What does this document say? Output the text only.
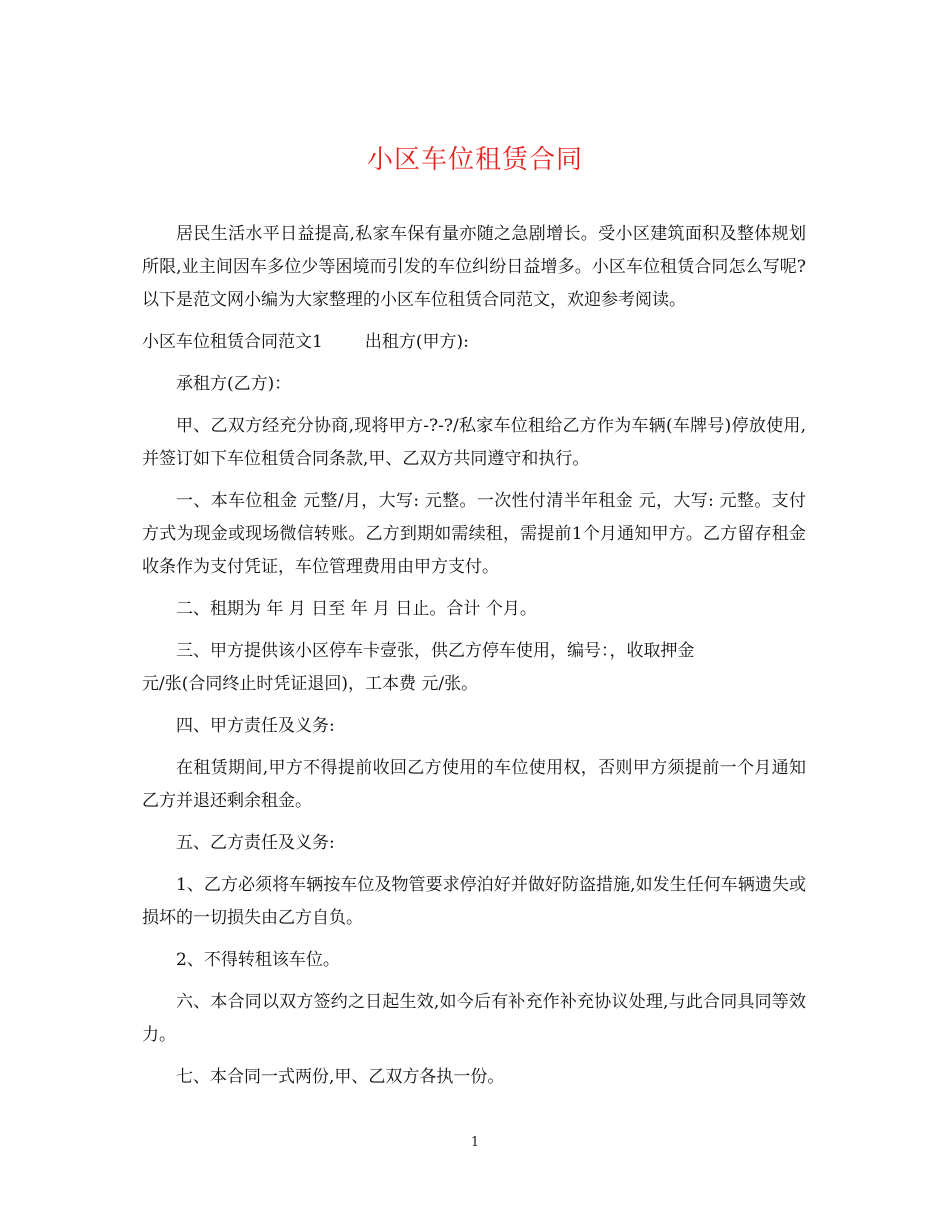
小区车位租赁合同

居民生活水平日益提高,私家车保有量亦随之急剧增长。受小区建筑面积及整体规划所限,业主间因车多位少等困境而引发的车位纠纷日益增多。小区车位租赁合同怎么写呢?以下是范文网小编为大家整理的小区车位租赁合同范文，欢迎参考阅读。

小区车位租赁合同范文1 出租方(甲方):

承租方(乙方)：

甲、乙双方经充分协商,现将甲方-?-?/私家车位租给乙方作为车辆(车牌号)停放使用,并签订如下车位租赁合同条款,甲、乙双方共同遵守和执行。

一、本车位租金 元整/月，大写: 元整。一次性付清半年租金 元，大写: 元整。支付方式为现金或现场微信转账。乙方到期如需续租，需提前1个月通知甲方。乙方留存租金收条作为支付凭证，车位管理费用由甲方支付。

二、租期为 年 月 日至 年 月 日止。合计 个月。

三、甲方提供该小区停车卡壹张，供乙方停车使用，编号：，收取押金
元/张(合同终止时凭证退回)，工本费 元/张。

四、甲方责任及义务:

在租赁期间,甲方不得提前收回乙方使用的车位使用权，否则甲方须提前一个月通知乙方并退还剩余租金。

五、乙方责任及义务:

1、乙方必须将车辆按车位及物管要求停泊好并做好防盗措施,如发生任何车辆遗失或损坏的一切损失由乙方自负。

2、不得转租该车位。

六、本合同以双方签约之日起生效,如今后有补充作补充协议处理,与此合同具同等效力。

七、本合同一式两份,甲、乙双方各执一份。

1
